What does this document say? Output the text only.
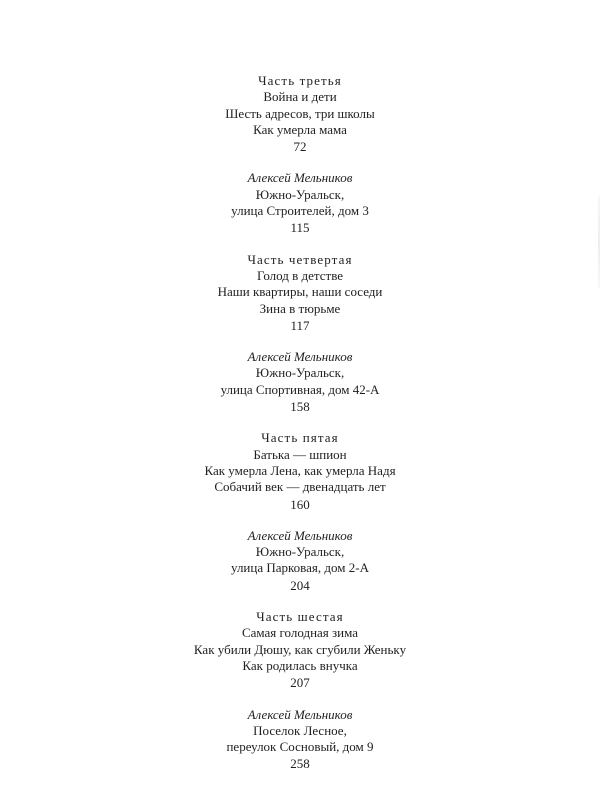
Часть третья
Война и дети
Шесть адресов, три школы
Как умерла мама
72
Алексей Мельников
Южно-Уральск,
улица Строителей, дом 3
115
Часть четвертая
Голод в детстве
Наши квартиры, наши соседи
Зина в тюрьме
117
Алексей Мельников
Южно-Уральск,
улица Спортивная, дом 42-А
158
Часть пятая
Батька — шпион
Как умерла Лена, как умерла Надя
Собачий век — двенадцать лет
160
Алексей Мельников
Южно-Уральск,
улица Парковая, дом 2-А
204
Часть шестая
Самая голодная зима
Как убили Дюшу, как сгубили Женьку
Как родилась внучка
207
Алексей Мельников
Поселок Лесное,
переулок Сосновый, дом 9
258
